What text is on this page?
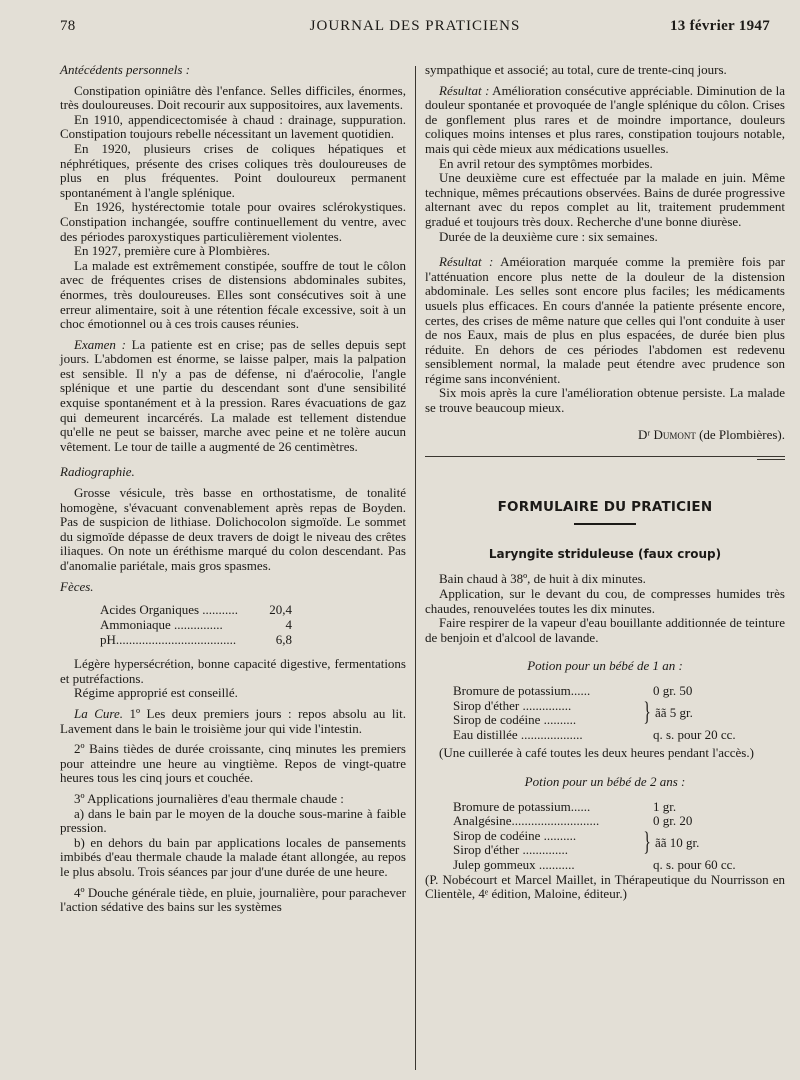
78	JOURNAL DES PRATICIENS	13 février 1947

Antécédents personnels :

Constipation opiniâtre dès l'enfance. Selles difficiles, énormes, très douloureuses. Doit recourir aux suppositoires, aux lavements.

En 1910, appendicectomisée à chaud : drainage, suppuration. Constipation toujours rebelle nécessitant un lavement quotidien.

En 1920, plusieurs crises de coliques hépatiques et néphrétiques, présente des crises coliques très douloureuses de plus en plus fréquentes. Point douloureux permanent spontanément à l'angle splénique.

En 1926, hystérectomie totale pour ovaires sclérokystiques. Constipation inchangée, souffre continuellement du ventre, avec des périodes paroxystiques particulièrement violentes.

En 1927, première cure à Plombières.

La malade est extrêmement constipée, souffre de tout le côlon avec de fréquentes crises de distensions abdominales subites, énormes, très douloureuses. Elles sont consécutives soit à une erreur alimentaire, soit à une rétention fécale excessive, soit à un choc émotionnel ou à ces trois causes réunies.

Examen : La patiente est en crise; pas de selles depuis sept jours. L'abdomen est énorme, se laisse palper, mais la palpation est sensible. Il n'y a pas de défense, ni d'aérocolie, l'angle splénique et une partie du descendant sont d'une sensibilité exquise spontanément et à la pression. Rares évacuations de gaz qui demeurent incarcérés. La malade est tellement distendue qu'elle ne peut se baisser, marche avec peine et ne tolère aucun vêtement. Le tour de taille a augmenté de 26 centimètres.

Radiographie.

Grosse vésicule, très basse en orthostatisme, de tonalité homogène, s'évacuant convenablement après repas de Boyden. Pas de suspicion de lithiase. Dolichocolon sigmoïde. Le sommet du sigmoïde dépasse de deux travers de doigt le niveau des crêtes iliaques. On note un éréthisme marqué du colon descendant. Pas d'anomalie pariétale, mais gros spasmes.

Fèces.

Acides Organiques ...........	20,4
Ammoniaque ...............	4
pH.....................................	6,8

Légère hypersécrétion, bonne capacité digestive, fermentations et putréfactions.

Régime approprié est conseillé.

La Cure. 1º Les deux premiers jours : repos absolu au lit. Lavement dans le bain le troisième jour qui vide l'intestin.

2º Bains tièdes de durée croissante, cinq minutes les premiers pour atteindre une heure au vingtième. Repos de vingt-quatre heures tous les cinq jours et couchée.

3º Applications journalières d'eau thermale chaude :

a) dans le bain par le moyen de la douche sous-marine à faible pression.

b) en dehors du bain par applications locales de pansements imbibés d'eau thermale chaude la malade étant allongée, au repos le plus absolu. Trois séances par jour d'une durée de une heure.

4º Douche générale tiède, en pluie, journalière, pour parachever l'action sédative des bains sur les systèmes

sympathique et associé; au total, cure de trente-cinq jours.

Résultat : Amélioration consécutive appréciable. Diminution de la douleur spontanée et provoquée de l'angle splénique du côlon. Crises de gonflement plus rares et de moindre importance, douleurs coliques moins intenses et plus rares, constipation toujours notable, mais qui cède mieux aux médications usuelles.

En avril retour des symptômes morbides.

Une deuxième cure est effectuée par la malade en juin. Même technique, mêmes précautions observées. Bains de durée progressive alternant avec du repos complet au lit, traitement prudemment gradué et toujours très doux. Recherche d'une bonne diurèse.

Durée de la deuxième cure : six semaines.

Résultat : Améioration marquée comme la première fois par l'atténuation encore plus nette de la douleur de la distension abdominale. Les selles sont encore plus faciles; les médicaments usuels plus efficaces. En cours d'année la patiente présente encore, certes, des crises de même nature que celles qui l'ont conduite à user de nos Eaux, mais de plus en plus espacées, de durée bien plus réduite. En dehors de ces périodes l'abdomen est redevenu sensiblement normal, la malade peut étendre avec prudence son régime sans inconvénient.

Six mois après la cure l'amélioration obtenue persiste. La malade se trouve beaucoup mieux.

Dʳ Dumont (de Plombières).

FORMULAIRE DU PRATICIEN

Laryngite striduleuse (faux croup)

Bain chaud à 38º, de huit à dix minutes.

Application, sur le devant du cou, de compresses humides très chaudes, renouvelées toutes les dix minutes.

Faire respirer de la vapeur d'eau bouillante additionnée de teinture de benjoin et d'alcool de lavande.

Potion pour un bébé de 1 an :

Bromure de potassium......	0 gr. 50
Sirop d'éther ...............
Sirop de codéine ..........	} ãã 5 gr.
Eau distillée ...................	q. s. pour 20 cc.

(Une cuillerée à café toutes les deux heures pendant l'accès.)

Potion pour un bébé de 2 ans :

Bromure de potassium......	1 gr.
Analgésine...........................	0 gr. 20
Sirop de codéine ..........
Sirop d'éther ..............	} ãã 10 gr.
Julep gommeux ...........	q. s. pour 60 cc.

(P. Nobécourt et Marcel Maillet, in Thérapeutique du Nourrisson en Clientèle, 4ᵉ édition, Maloine, éditeur.)
